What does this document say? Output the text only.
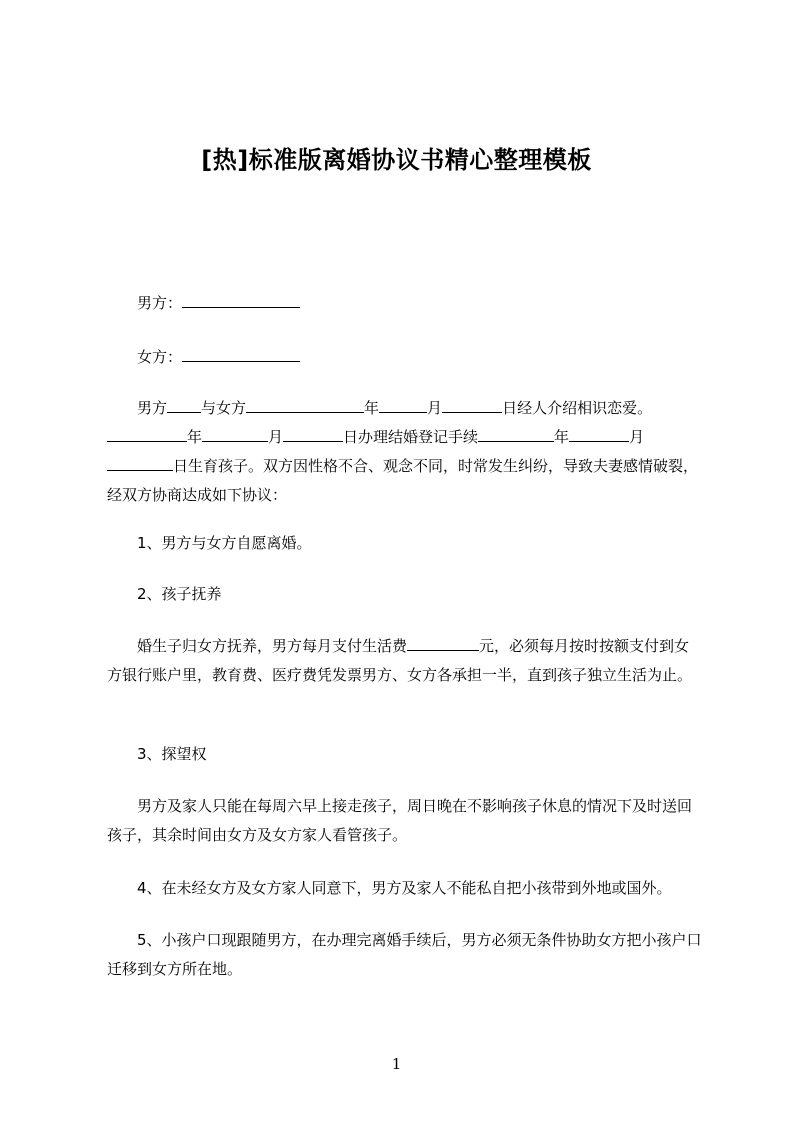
[热]标准版离婚协议书精心整理模板
男方：
女方：
男方 与女方	年	月	日经人介绍相识恋爱。年	月	日办理结婚登记手续	年	月日生育孩子。双方因性格不合、观念不同，时常发生纠纷，导致夫妻感情破裂，经双方协商达成如下协议：
1、男方与女方自愿离婚。
2、孩子抚养
婚生子归女方抚养，男方每月支付生活费	元，必须每月按时按额支付到女方银行账户里，教育费、医疗费凭发票男方、女方各承担一半，直到孩子独立生活为止。
3、探望权
男方及家人只能在每周六早上接走孩子，周日晚在不影响孩子休息的情况下及时送回孩子，其余时间由女方及女方家人看管孩子。
4、在未经女方及女方家人同意下，男方及家人不能私自把小孩带到外地或国外。
5、小孩户口现跟随男方，在办理完离婚手续后，男方必须无条件协助女方把小孩户口迁移到女方所在地。
1
